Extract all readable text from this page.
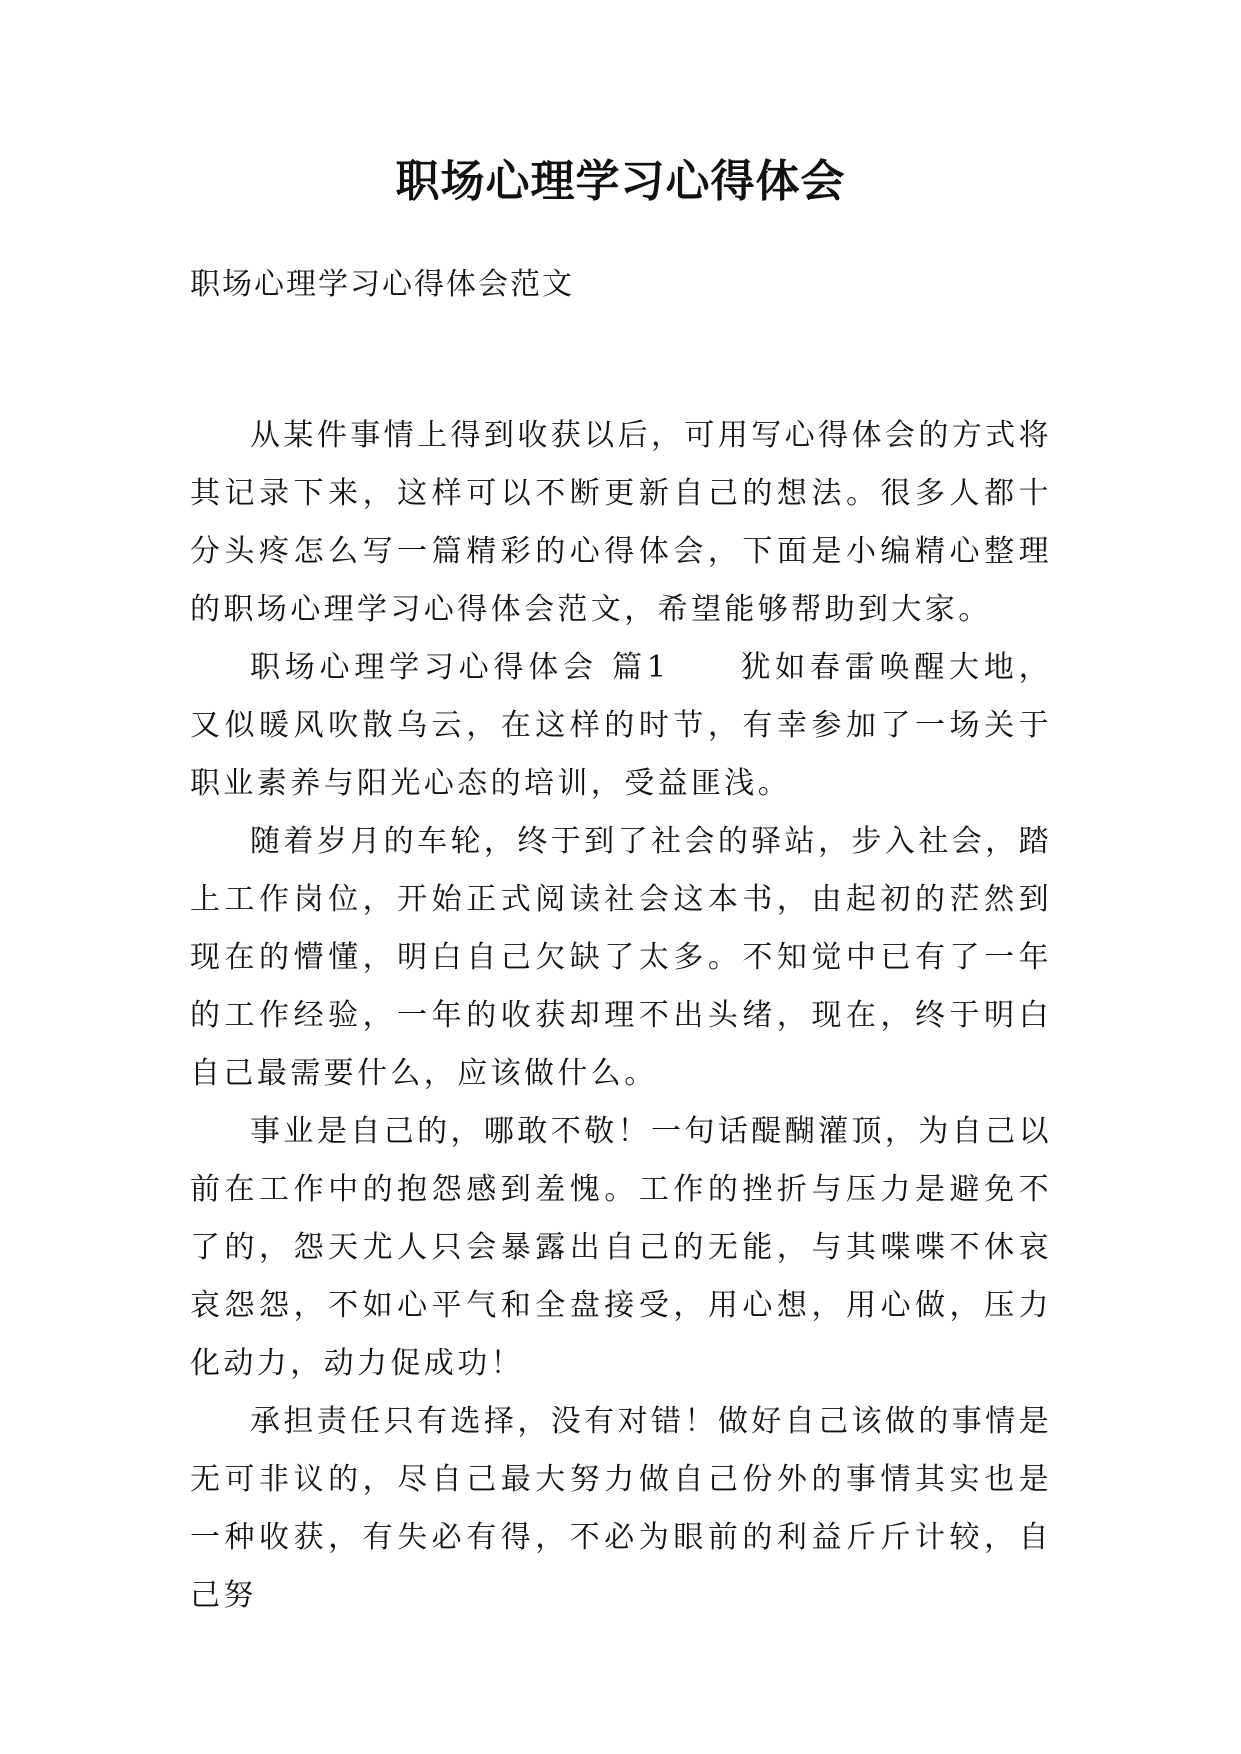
职场心理学习心得体会
职场心理学习心得体会范文

从某件事情上得到收获以后，可用写心得体会的方式将其记录下来，这样可以不断更新自己的想法。很多人都十分头疼怎么写一篇精彩的心得体会，下面是小编精心整理的职场心理学习心得体会范文，希望能够帮助到大家。

职场心理学习心得体会 篇1　　犹如春雷唤醒大地，又似暖风吹散乌云，在这样的时节，有幸参加了一场关于职业素养与阳光心态的培训，受益匪浅。

随着岁月的车轮，终于到了社会的驿站，步入社会，踏上工作岗位，开始正式阅读社会这本书，由起初的茫然到现在的懵懂，明白自己欠缺了太多。不知觉中已有了一年的工作经验，一年的收获却理不出头绪，现在，终于明白自己最需要什么，应该做什么。

事业是自己的，哪敢不敬！一句话醍醐灌顶，为自己以前在工作中的抱怨感到羞愧。工作的挫折与压力是避免不了的，怨天尤人只会暴露出自己的无能，与其喋喋不休哀哀怨怨，不如心平气和全盘接受，用心想，用心做，压力化动力，动力促成功！

承担责任只有选择，没有对错！做好自己该做的事情是无可非议的，尽自己最大努力做自己份外的事情其实也是一种收获，有失必有得，不必为眼前的利益斤斤计较，自己努
